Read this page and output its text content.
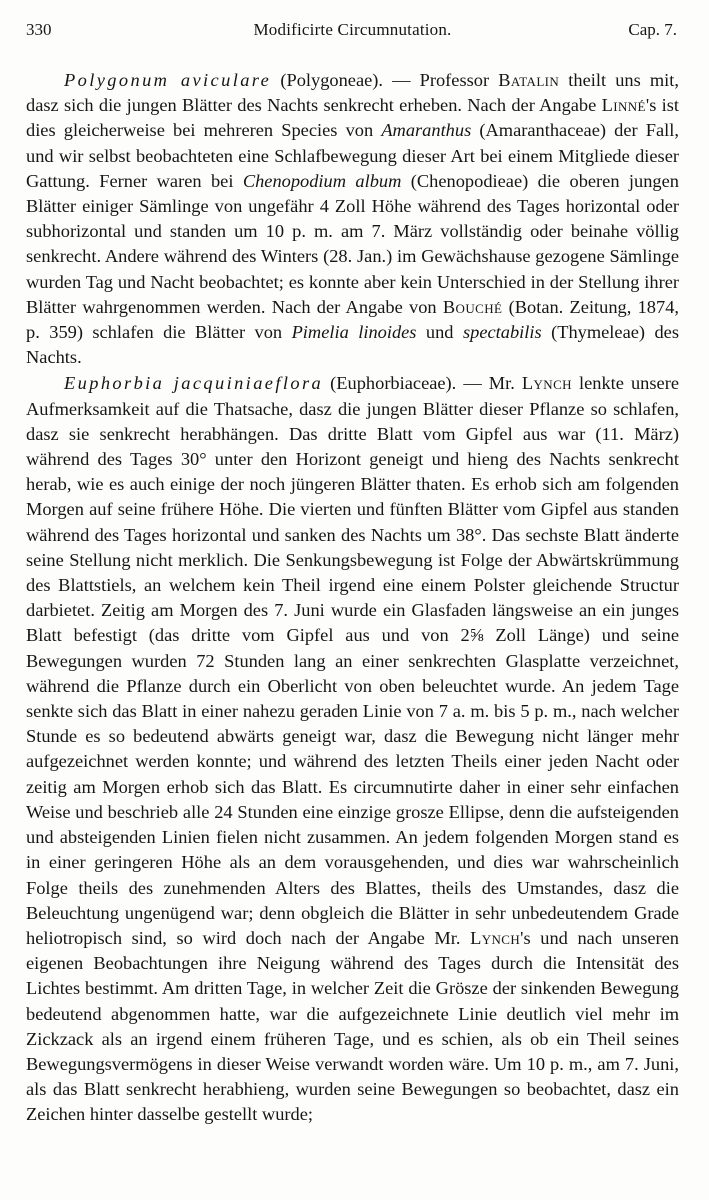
330	Modificirte Circumnutation.	Cap. 7.

Polygonum aviculare (Polygoneae). — Professor Batalin theilt uns mit, dasz sich die jungen Blätter des Nachts senkrecht erheben. Nach der Angabe Linné's ist dies gleicherweise bei mehreren Species von Amaranthus (Amaranthaceae) der Fall, und wir selbst beobachteten eine Schlafbewegung dieser Art bei einem Mitgliede dieser Gattung. Ferner waren bei Chenopodium album (Chenopodieae) die oberen jungen Blätter einiger Sämlinge von ungefähr 4 Zoll Höhe während des Tages horizontal oder subhorizontal und standen um 10 p. m. am 7. März vollständig oder beinahe völlig senkrecht. Andere während des Winters (28. Jan.) im Gewächshause gezogene Sämlinge wurden Tag und Nacht beobachtet; es konnte aber kein Unterschied in der Stellung ihrer Blätter wahrgenommen werden. Nach der Angabe von Bouché (Botan. Zeitung, 1874, p. 359) schlafen die Blätter von Pimelia linoides und spectabilis (Thymeleae) des Nachts.

Euphorbia jacquiniaeflora (Euphorbiaceae). — Mr. Lynch lenkte unsere Aufmerksamkeit auf die Thatsache, dasz die jungen Blätter dieser Pflanze so schlafen, dasz sie senkrecht herabhängen. Das dritte Blatt vom Gipfel aus war (11. März) während des Tages 30° unter den Horizont geneigt und hieng des Nachts senkrecht herab, wie es auch einige der noch jüngeren Blätter thaten. Es erhob sich am folgenden Morgen auf seine frühere Höhe. Die vierten und fünften Blätter vom Gipfel aus standen während des Tages horizontal und sanken des Nachts um 38°. Das sechste Blatt änderte seine Stellung nicht merklich. Die Senkungsbewegung ist Folge der Abwärtskrümmung des Blattstiels, an welchem kein Theil irgend eine einem Polster gleichende Structur darbietet. Zeitig am Morgen des 7. Juni wurde ein Glasfaden längsweise an ein junges Blatt befestigt (das dritte vom Gipfel aus und von 2⅝ Zoll Länge) und seine Bewegungen wurden 72 Stunden lang an einer senkrechten Glasplatte verzeichnet, während die Pflanze durch ein Oberlicht von oben beleuchtet wurde. An jedem Tage senkte sich das Blatt in einer nahezu geraden Linie von 7 a. m. bis 5 p. m., nach welcher Stunde es so bedeutend abwärts geneigt war, dasz die Bewegung nicht länger mehr aufgezeichnet werden konnte; und während des letzten Theils einer jeden Nacht oder zeitig am Morgen erhob sich das Blatt. Es circumnutirte daher in einer sehr einfachen Weise und beschrieb alle 24 Stunden eine einzige grosze Ellipse, denn die aufsteigenden und absteigenden Linien fielen nicht zusammen. An jedem folgenden Morgen stand es in einer geringeren Höhe als an dem vorausgehenden, und dies war wahrscheinlich Folge theils des zunehmenden Alters des Blattes, theils des Umstandes, dasz die Beleuchtung ungenügend war; denn obgleich die Blätter in sehr unbedeutendem Grade heliotropisch sind, so wird doch nach der Angabe Mr. Lynch's und nach unseren eigenen Beobachtungen ihre Neigung während des Tages durch die Intensität des Lichtes bestimmt. Am dritten Tage, in welcher Zeit die Grösze der sinkenden Bewegung bedeutend abgenommen hatte, war die aufgezeichnete Linie deutlich viel mehr im Zickzack als an irgend einem früheren Tage, und es schien, als ob ein Theil seines Bewegungsvermögens in dieser Weise verwandt worden wäre. Um 10 p. m., am 7. Juni, als das Blatt senkrecht herabhieng, wurden seine Bewegungen so beobachtet, dasz ein Zeichen hinter dasselbe gestellt wurde;
